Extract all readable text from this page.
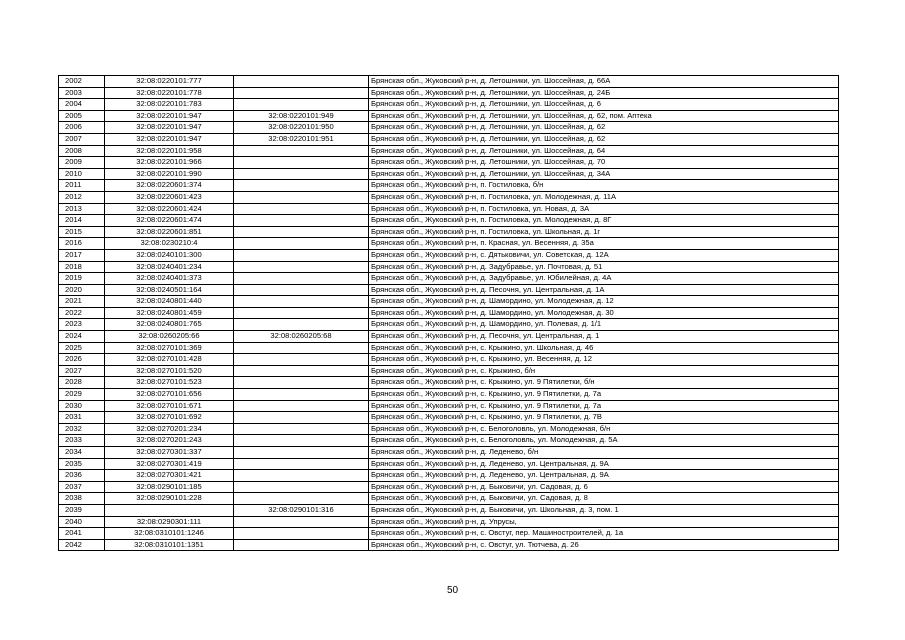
2002	32:08:0220101:777		Брянская обл., Жуковский р-н, д. Летошники, ул. Шоссейная, д. 66А
2003	32:08:0220101:778		Брянская обл., Жуковский р-н, д. Летошники, ул. Шоссейная, д. 24Б
2004	32:08:0220101:783		Брянская обл., Жуковский р-н, д. Летошники, ул. Шоссейная, д. 6
2005	32:08:0220101:947	32:08:0220101:949	Брянская обл., Жуковский р-н, д. Летошники, ул. Шоссейная, д. 62, пом. Аптека
2006	32:08:0220101:947	32:08:0220101:950	Брянская обл., Жуковский р-н, д. Летошники, ул. Шоссейная, д. 62
2007	32:08:0220101:947	32:08:0220101:951	Брянская обл., Жуковский р-н, д. Летошники, ул. Шоссейная, д. 62
2008	32:08:0220101:958		Брянская обл., Жуковский р-н, д. Летошники, ул. Шоссейная, д. 64
2009	32:08:0220101:966		Брянская обл., Жуковский р-н, д. Летошники, ул. Шоссейная, д. 70
2010	32:08:0220101:990		Брянская обл., Жуковский р-н, д. Летошники, ул. Шоссейная, д. 34А
2011	32:08:0220601:374		Брянская обл., Жуковский р-н, п. Гостиловка, б/н
2012	32:08:0220601:423		Брянская обл., Жуковский р-н, п. Гостиловка, ул. Молодежная, д. 11А
2013	32:08:0220601:424		Брянская обл., Жуковский р-н, п. Гостиловка, ул. Новая, д. 3А
2014	32:08:0220601:474		Брянская обл., Жуковский р-н, п. Гостиловка, ул. Молодежная, д. 8Г
2015	32:08:0220601:851		Брянская обл., Жуковский р-н, п. Гостиловка, ул. Школьная, д. 1г
2016	32:08:0230210:4		Брянская обл., Жуковский р-н, п. Красная, ул. Весенняя, д. 35а
2017	32:08:0240101:300		Брянская обл., Жуковский р-н, с. Дятьковичи, ул. Советская, д. 12А
2018	32:08:0240401:234		Брянская обл., Жуковский р-н, д. Задубравье, ул. Почтовая, д. 51
2019	32:08:0240401:373		Брянская обл., Жуковский р-н, д. Задубравье, ул. Юбилейная, д. 4А
2020	32:08:0240501:164		Брянская обл., Жуковский р-н, д. Песочня, ул. Центральная, д. 1А
2021	32:08:0240801:440		Брянская обл., Жуковский р-н, д. Шамордино, ул. Молодежная, д. 12
2022	32:08:0240801:459		Брянская обл., Жуковский р-н, д. Шамордино, ул. Молодежная, д. 30
2023	32:08:0240801:765		Брянская обл., Жуковский р-н, д. Шамордино, ул. Полевая, д. 1/1
2024	32:08:0260205:66	32:08:0260205:68	Брянская обл., Жуковский р-н, д. Песочня, ул. Центральная, д. 1
2025	32:08:0270101:369		Брянская обл., Жуковский р-н, с. Крыжино, ул. Школьная, д. 46
2026	32:08:0270101:428		Брянская обл., Жуковский р-н, с. Крыжино, ул. Весенняя, д. 12
2027	32:08:0270101:520		Брянская обл., Жуковский р-н, с. Крыжино, б/н
2028	32:08:0270101:523		Брянская обл., Жуковский р-н, с. Крыжино, ул. 9 Пятилетки, б/н
2029	32:08:0270101:656		Брянская обл., Жуковский р-н, с. Крыжино, ул. 9 Пятилетки, д. 7а
2030	32:08:0270101:671		Брянская обл., Жуковский р-н, с. Крыжино, ул. 9 Пятилетки, д. 7а
2031	32:08:0270101:692		Брянская обл., Жуковский р-н, с. Крыжино, ул. 9 Пятилетки, д. 7В
2032	32:08:0270201:234		Брянская обл., Жуковский р-н, с. Белоголовль, ул. Молодежная, б/н
2033	32:08:0270201:243		Брянская обл., Жуковский р-н, с. Белоголовль, ул. Молодежная, д. 5А
2034	32:08:0270301:337		Брянская обл., Жуковский р-н, д. Леденево, б/н
2035	32:08:0270301:419		Брянская обл., Жуковский р-н, д. Леденево, ул. Центральная, д. 9А
2036	32:08:0270301:421		Брянская обл., Жуковский р-н, д. Леденево, ул. Центральная, д. 9А
2037	32:08:0290101:185		Брянская обл., Жуковский р-н, д. Быковичи, ул. Садовая, д. 6
2038	32:08:0290101:228		Брянская обл., Жуковский р-н, д. Быковичи, ул. Садовая, д. 8
2039		32:08:0290101:316	Брянская обл., Жуковский р-н, д. Быковичи, ул. Школьная, д. 3, пом. 1
2040	32:08:0290301:111		Брянская обл., Жуковский р-н, д. Упрусы,
2041	32:08:0310101:1246		Брянская обл., Жуковский р-н, с. Овстуг, пер. Машиностроителей, д. 1а
2042	32:08:0310101:1351		Брянская обл., Жуковский р-н, с. Овстуг, ул. Тютчева, д. 26
50
